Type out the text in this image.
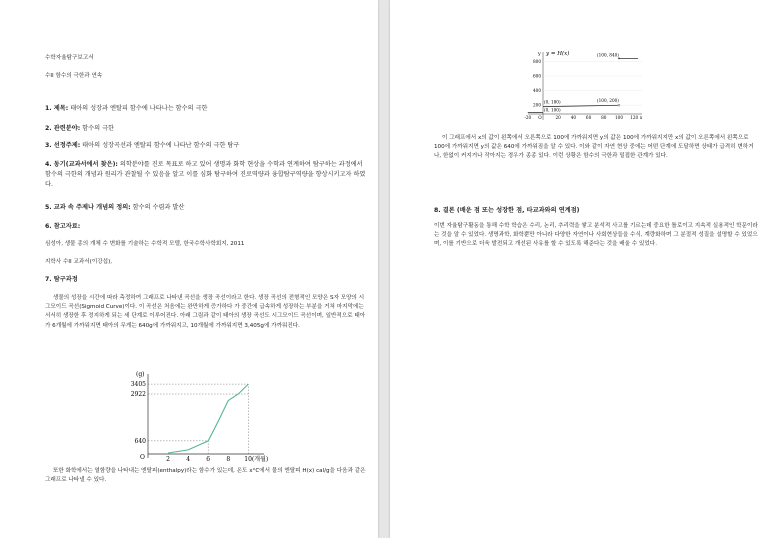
수학자율탐구보고서
수II 함수의 극한과 연속
1. 제목: 태아의 성장과 엔탈피 함수에 나타나는 함수의 극한
2. 관련분야: 함수의 극한
3. 선정주제: 태아의 성장곡선과 엔탈피 함수에 나타난 함수의 극한 탐구
4. 동기(교과서에서 찾은): 의학분야를 진로 목표로 하고 있어 생명과 화학 현상을 수학과 연계하여 탐구하는 과정에서 함수의 극한의 개념과 원리가 관찰될 수 있음을 알고 이를 심화 탐구하여 진로역량과 융합탐구역량을 향상시키고자 하였다.
5. 교과 속 주제나 개념의 정의: 함수의 수렴과 발산
6. 참고자료:
심성아, 생물 종의 개체 수 변화를 기술하는 수학적 모델, 한국수학사학회지, 2011
지학사 수II 교과서(이강섭),
7. 탐구과정
생물의 성장을 시간에 따라 측정하여 그래프로 나타낸 곡선을 생장 곡선이라고 한다. 생장 곡선의 전형적인 모양은 S자 모양의 시그모이드 곡선(Sigmoid Curve)이다. 이 곡선은 처음에는 완만하게 증가하다 가 중간에 급속하게 성장하는 부분을 거쳐 마지막에는 서서히 생장한 후 정지하게 되는 세 단계로 이루어진다. 아래 그림과 같이 태아의 생장 곡선도 시그모이드 곡선이며, 일반적으로 태아가 6개월에 가까워지면 태아의 무게는 640g에 가까워지고, 10개월에 가까워지면 3,405g에 가까워진다.
(g)
O
640
2922
3405
2	4	6	8 10(개월)
또한 화학에서는 열함량을 나타내는 엔탈피(enthalpy)라는 함수가 있는데, 온도 x°C에서 물의 엔탈피 H(x) cal/g을 다음과 같은 그래프로 나타낼 수 있다.
y y = H(x)
200
400
600
800
-20 O	20 40 60 80 100 120 x
(100, 840)
(100, 200)
(0, 100)
(0, 180)
이 그래프에서 x의 값이 왼쪽에서 오른쪽으로 100에 가까워지면 y의 값은 100에 가까워지지만 x의 값이 오른쪽에서 왼쪽으로 100에 가까워지면 y의 값은 640에 가까워짐을 알 수 있다. 이와 같이 자연 현상 중에는 어떤 단계에 도달하면 상태가 급격히 변하거나, 한없이 커지거나 작아지는 경우가 종종 있다. 이런 상황은 함수의 극한과 밀접한 관계가 있다.
8. 결론 (배운 점 또는 성장한 점, 타교과와의 연계점)
이번 자율탐구활동을 통해 수학 학습은 수리, 논리, 추리력을 쌓고 분석적 사고를 기르는데 중요한 틀로이고 지속적 실용적인 학문이라는 것을 알 수 있었다. 생명과학, 화학뿐만 아니라 다양한 자연이나 사회현상들을 수식, 계량화하며 그 분절적 성질을 설명할 수 있었으며, 이를 기반으로 더욱 발전되고 개선된 사유를 할 수 있도록 해준다는 것을 배울 수 있었다.
